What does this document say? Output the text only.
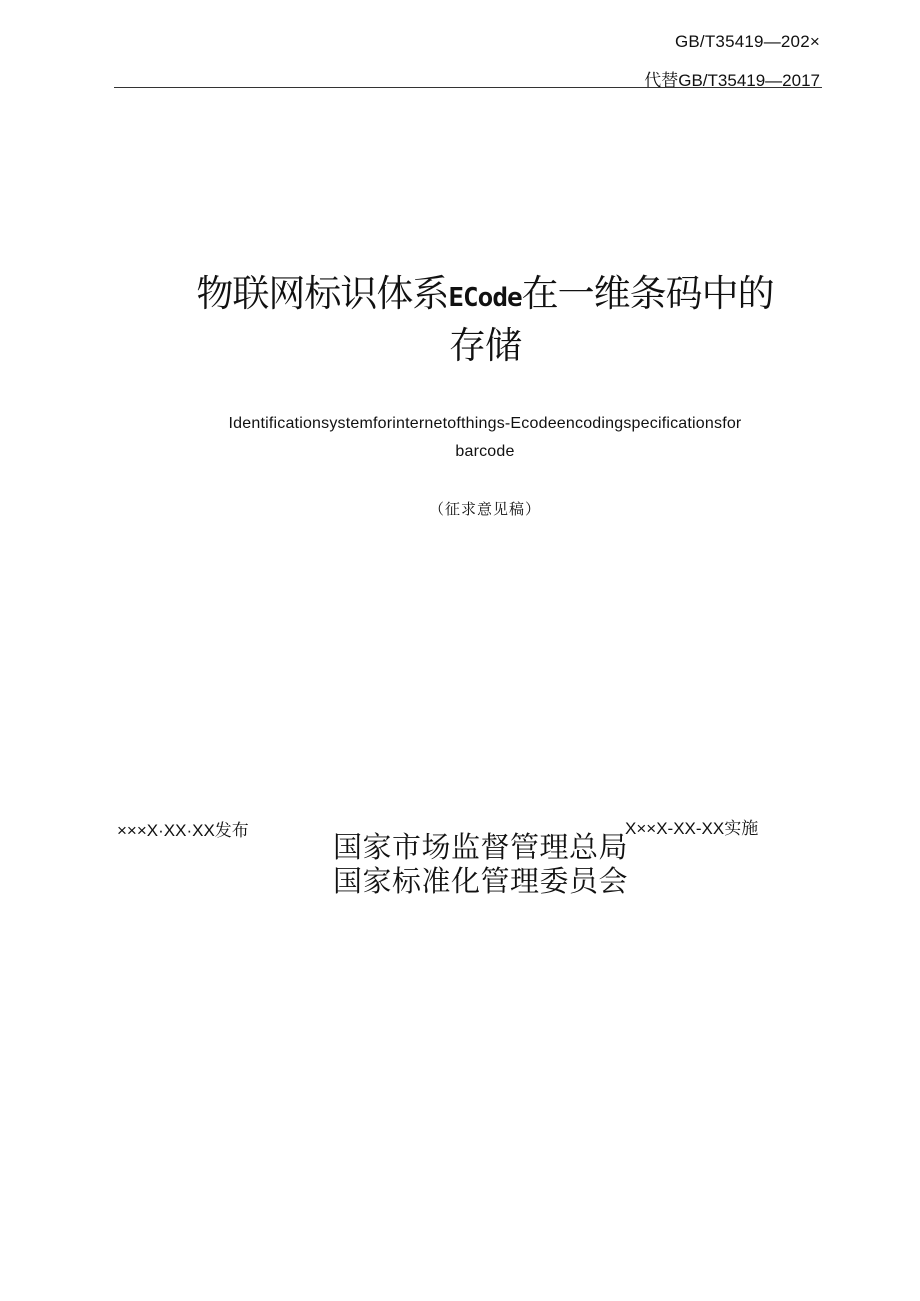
GB/T35419—202×
代替GB/T35419—2017
物联网标识体系ECode在一维条码中的
存储
Identificationsystemforinternetofthings-Ecodeencodingspecificationsfor
barcode
（征求意见稿）
×××X·XX·XX发布	X××X-XX-XX实施
国家市场监督管理总局
国家标准化管理委员会
